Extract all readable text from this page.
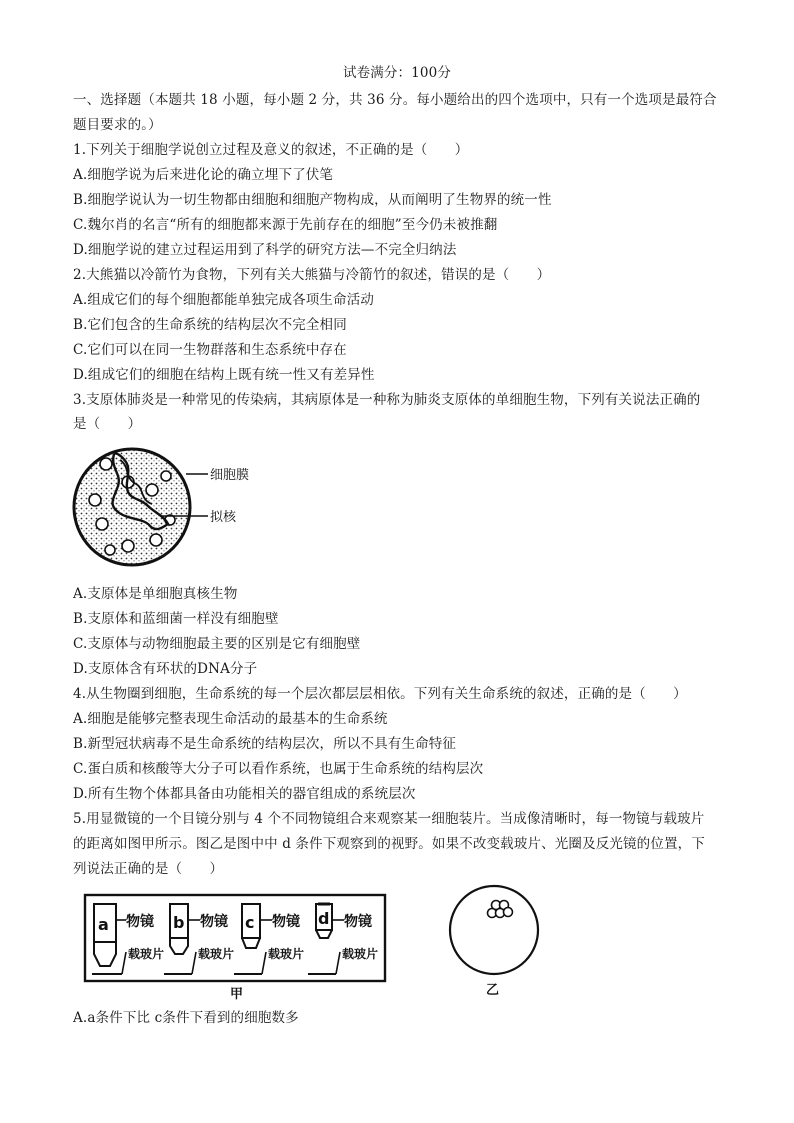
试卷满分：100分
一、选择题（本题共 18 小题，每小题 2 分，共 36 分。每小题给出的四个选项中，只有一个选项是最符合
题目要求的。）
1.下列关于细胞学说创立过程及意义的叙述，不正确的是（　　）
A.细胞学说为后来进化论的确立埋下了伏笔
B.细胞学说认为一切生物都由细胞和细胞产物构成，从而阐明了生物界的统一性
C.魏尔肖的名言“所有的细胞都来源于先前存在的细胞”至今仍未被推翻
D.细胞学说的建立过程运用到了科学的研究方法—不完全归纳法
2.大熊猫以冷箭竹为食物，下列有关大熊猫与冷箭竹的叙述，错误的是（　　）
A.组成它们的每个细胞都能单独完成各项生命活动
B.它们包含的生命系统的结构层次不完全相同
C.它们可以在同一生物群落和生态系统中存在
D.组成它们的细胞在结构上既有统一性又有差异性
3.支原体肺炎是一种常见的传染病，其病原体是一种称为肺炎支原体的单细胞生物，下列有关说法正确的
是（　　）
细胞膜
拟核
A.支原体是单细胞真核生物
B.支原体和蓝细菌一样没有细胞壁
C.支原体与动物细胞最主要的区别是它有细胞壁
D.支原体含有环状的DNA分子
4.从生物圈到细胞，生命系统的每一个层次都层层相依。下列有关生命系统的叙述，正确的是（　　）
A.细胞是能够完整表现生命活动的最基本的生命系统
B.新型冠状病毒不是生命系统的结构层次，所以不具有生命特征
C.蛋白质和核酸等大分子可以看作系统，也属于生命系统的结构层次
D.所有生物个体都具备由功能相关的器官组成的系统层次
5.用显微镜的一个目镜分别与 4 个不同物镜组合来观察某一细胞装片。当成像清晰时，每一物镜与载玻片
的距离如图甲所示。图乙是图中中 d 条件下观察到的视野。如果不改变载玻片、光圈及反光镜的位置，下
列说法正确的是（　　）
a 物镜
载玻片
b 物镜
载玻片
c 物镜
载玻片
d 物镜
载玻片
甲	乙
A.a条件下比 c条件下看到的细胞数多
